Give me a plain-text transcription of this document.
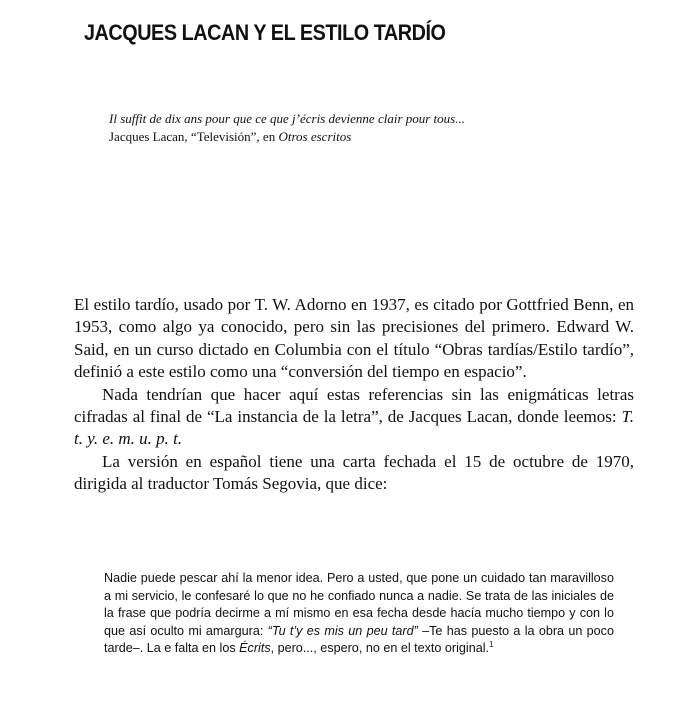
JACQUES LACAN Y EL ESTILO TARDÍO
Il suffit de dix ans pour que ce que j’écris devienne clair pour tous...
Jacques Lacan, “Televisión”, en Otros escritos

El estilo tardío, usado por T. W. Adorno en 1937, es citado por Gottfried Benn, en 1953, como algo ya conocido, pero sin las precisiones del primero. Edward W. Said, en un curso dictado en Columbia con el título “Obras tardías/Estilo tardío”, definió a este estilo como una “conversión del tiempo en espacio”.

Nada tendrían que hacer aquí estas referencias sin las enigmáticas letras cifradas al final de “La instancia de la letra”, de Jacques Lacan, donde leemos: T. t. y. e. m. u. p. t.

La versión en español tiene una carta fechada el 15 de octubre de 1970, dirigida al traductor Tomás Segovia, que dice:

Nadie puede pescar ahí la menor idea. Pero a usted, que pone un cuidado tan maravilloso a mi servicio, le confesaré lo que no he confiado nunca a nadie. Se trata de las iniciales de la frase que podría decirme a mí mismo en esa fecha desde hacía mucho tiempo y con lo que así oculto mi amargura: “Tu t’y es mis un peu tard” –Te has puesto a la obra un poco tarde–. La e falta en los Écrits, pero..., espero, no en el texto original.$^1$
